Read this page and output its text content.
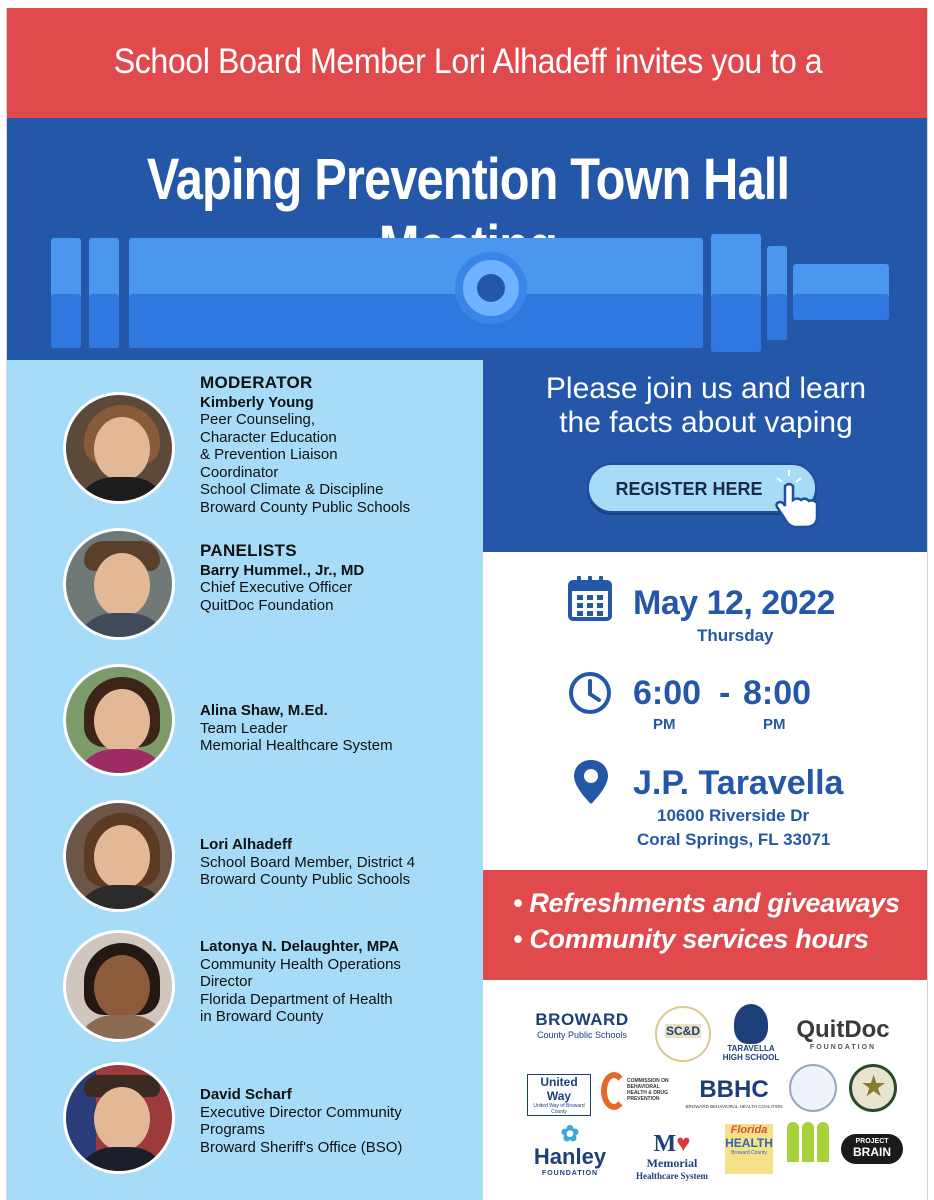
School Board Member Lori Alhadeff invites you to a
Vaping Prevention Town Hall
Please join us and learn
the facts about vaping
REGISTER HERE
MODERATOR
Kimberly Young
Peer Counseling,
Character Education
& Prevention Liaison
Coordinator
School Climate & Discipline
Broward County Public Schools
PANELISTS
Barry Hummel., Jr., MD
Chief Executive Officer
QuitDoc Foundation
Alina Shaw, M.Ed.
Team Leader
Memorial Healthcare System
Lori Alhadeff
School Board Member, District 4
Broward County Public Schools
Latonya N. Delaughter, MPA
Community Health Operations
Director
Florida Department of Health
in Broward County
David Scharf
Executive Director Community
Programs
Broward Sheriff's Office (BSO)
May 12, 2022
Thursday
6:00 - 8:00
PM	PM
J.P. Taravella
10600 Riverside Dr
Coral Springs, FL 33071
• Refreshments and giveaways
• Community services hours
BROWARD
County Public Schools	SC&D
TARAVELLA HIGH SCHOOL
QuitDoc
FOUNDATION
United Way
United Way of Broward County
COMMISSION ON BEHAVIORAL HEALTH & DRUG PREVENTION	BBHC
BROWARD BEHAVIORAL HEALTH COALITION
★
✿
Hanley
FOUNDATION
M♥
Memorial
Healthcare System
Florida
HEALTH
Broward County
PROJECT
BRAIN
